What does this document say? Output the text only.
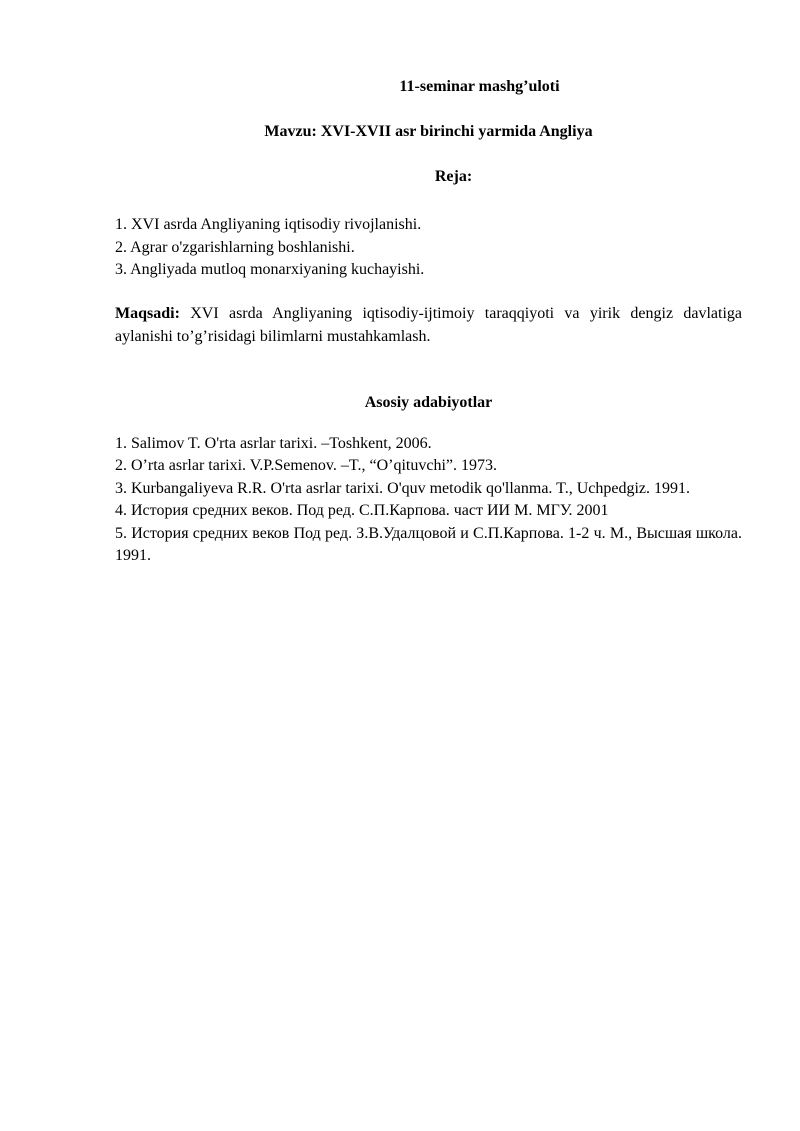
11-seminar mashg’uloti

Mavzu: XVI-XVII asr birinchi yarmida Angliya

Reja:

1. XVI asrda Angliyaning iqtisodiy rivojlanishi.
2. Agrar o'zgarishlarning boshlanishi.
3. Angliyada mutloq monarxiyaning kuchayishi.

Maqsadi: XVI asrda Angliyaning iqtisodiy-ijtimoiy taraqqiyoti va yirik dengiz davlatiga aylanishi to’g’risidagi bilimlarni mustahkamlash.

Asosiy adabiyotlar

1. Salimov T. O'rta asrlar tarixi. –Toshkent, 2006.
2. O’rta asrlar tarixi. V.P.Semenov. –T., “O’qituvchi”. 1973.
3. Kurbangaliyeva R.R. O'rta asrlar tarixi. O'quv metodik qo'llanma. T., Uchpedgiz. 1991.
4. История средних веков. Под ред. С.П.Карпова. част ИИ М. МГУ. 2001
5. История средних веков Под ред. З.В.Удалцовой и С.П.Карпова. 1-2 ч. М., Высшая школа. 1991.
